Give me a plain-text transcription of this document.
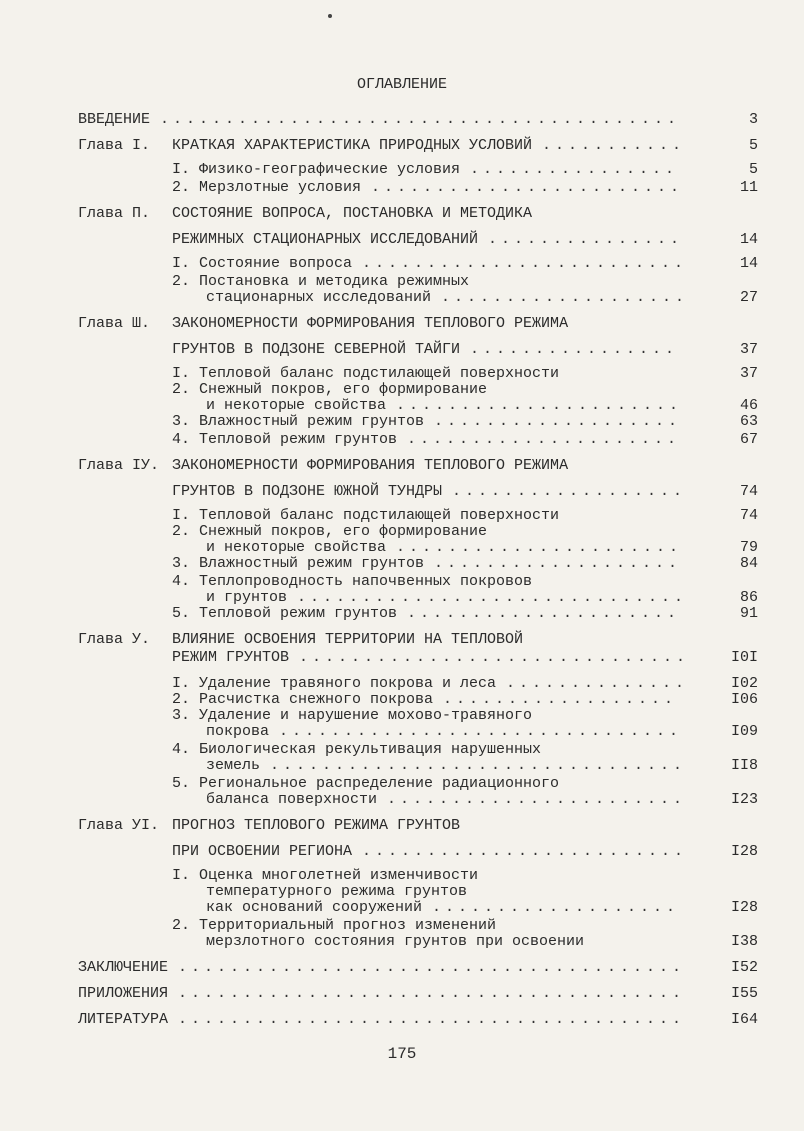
ОГЛАВЛЕНИЕ
ВВЕДЕНИЕ ........................................	3
Глава I. КРАТКАЯ ХАРАКТЕРИСТИКА ПРИРОДНЫХ УСЛОВИЙ ...........	5
I. Физико-географические условия ................	5
2. Мерзлотные условия ........................	11
Глава П. СОСТОЯНИЕ ВОПРОСА, ПОСТАНОВКА И МЕТОДИКА
РЕЖИМНЫХ СТАЦИОНАРНЫХ ИССЛЕДОВАНИЙ ...............	14
I. Состояние вопроса .........................	14
2. Постановка и методика режимных
стационарных исследований ...................	27
Глава Ш. ЗАКОНОМЕРНОСТИ ФОРМИРОВАНИЯ ТЕПЛОВОГО РЕЖИМА
ГРУНТОВ В ПОДЗОНЕ СЕВЕРНОЙ ТАЙГИ ................	37
I. Тепловой баланс подстилающей поверхности	37
2. Снежный покров, его формирование
и некоторые свойства ......................	46
3. Влажностный режим грунтов ...................	63
4. Тепловой режим грунтов .....................	67
Глава IУ. ЗАКОНОМЕРНОСТИ ФОРМИРОВАНИЯ ТЕПЛОВОГО РЕЖИМА
ГРУНТОВ В ПОДЗОНЕ ЮЖНОЙ ТУНДРЫ ..................	74
I. Тепловой баланс подстилающей поверхности	74
2. Снежный покров, его формирование
и некоторые свойства ......................	79
3. Влажностный режим грунтов ...................	84
4. Теплопроводность напочвенных покровов
и грунтов ..............................	86
5. Тепловой режим грунтов .....................	91
Глава У. ВЛИЯНИЕ ОСВОЕНИЯ ТЕРРИТОРИИ НА ТЕПЛОВОЙ
РЕЖИМ ГРУНТОВ ..............................	I0I
I. Удаление травяного покрова и леса ..............	I02
2. Расчистка снежного покрова ..................	I06
3. Удаление и нарушение мохово-травяного
покрова ...............................	I09
4. Биологическая рекультивация нарушенных
земель ................................	II8
5. Региональное распределение радиационного
баланса поверхности .......................	I23
Глава УI. ПРОГНОЗ ТЕПЛОВОГО РЕЖИМА ГРУНТОВ
ПРИ ОСВОЕНИИ РЕГИОНА .........................	I28
I. Оценка многолетней изменчивости
температурного режима грунтов
как оснований сооружений ...................	I28
2. Территориальный прогноз изменений
мерзлотного состояния грунтов при освоении	I38
ЗАКЛЮЧЕНИЕ .......................................	I52
ПРИЛОЖЕНИЯ .......................................	I55
ЛИТЕРАТУРА .......................................	I64
175
